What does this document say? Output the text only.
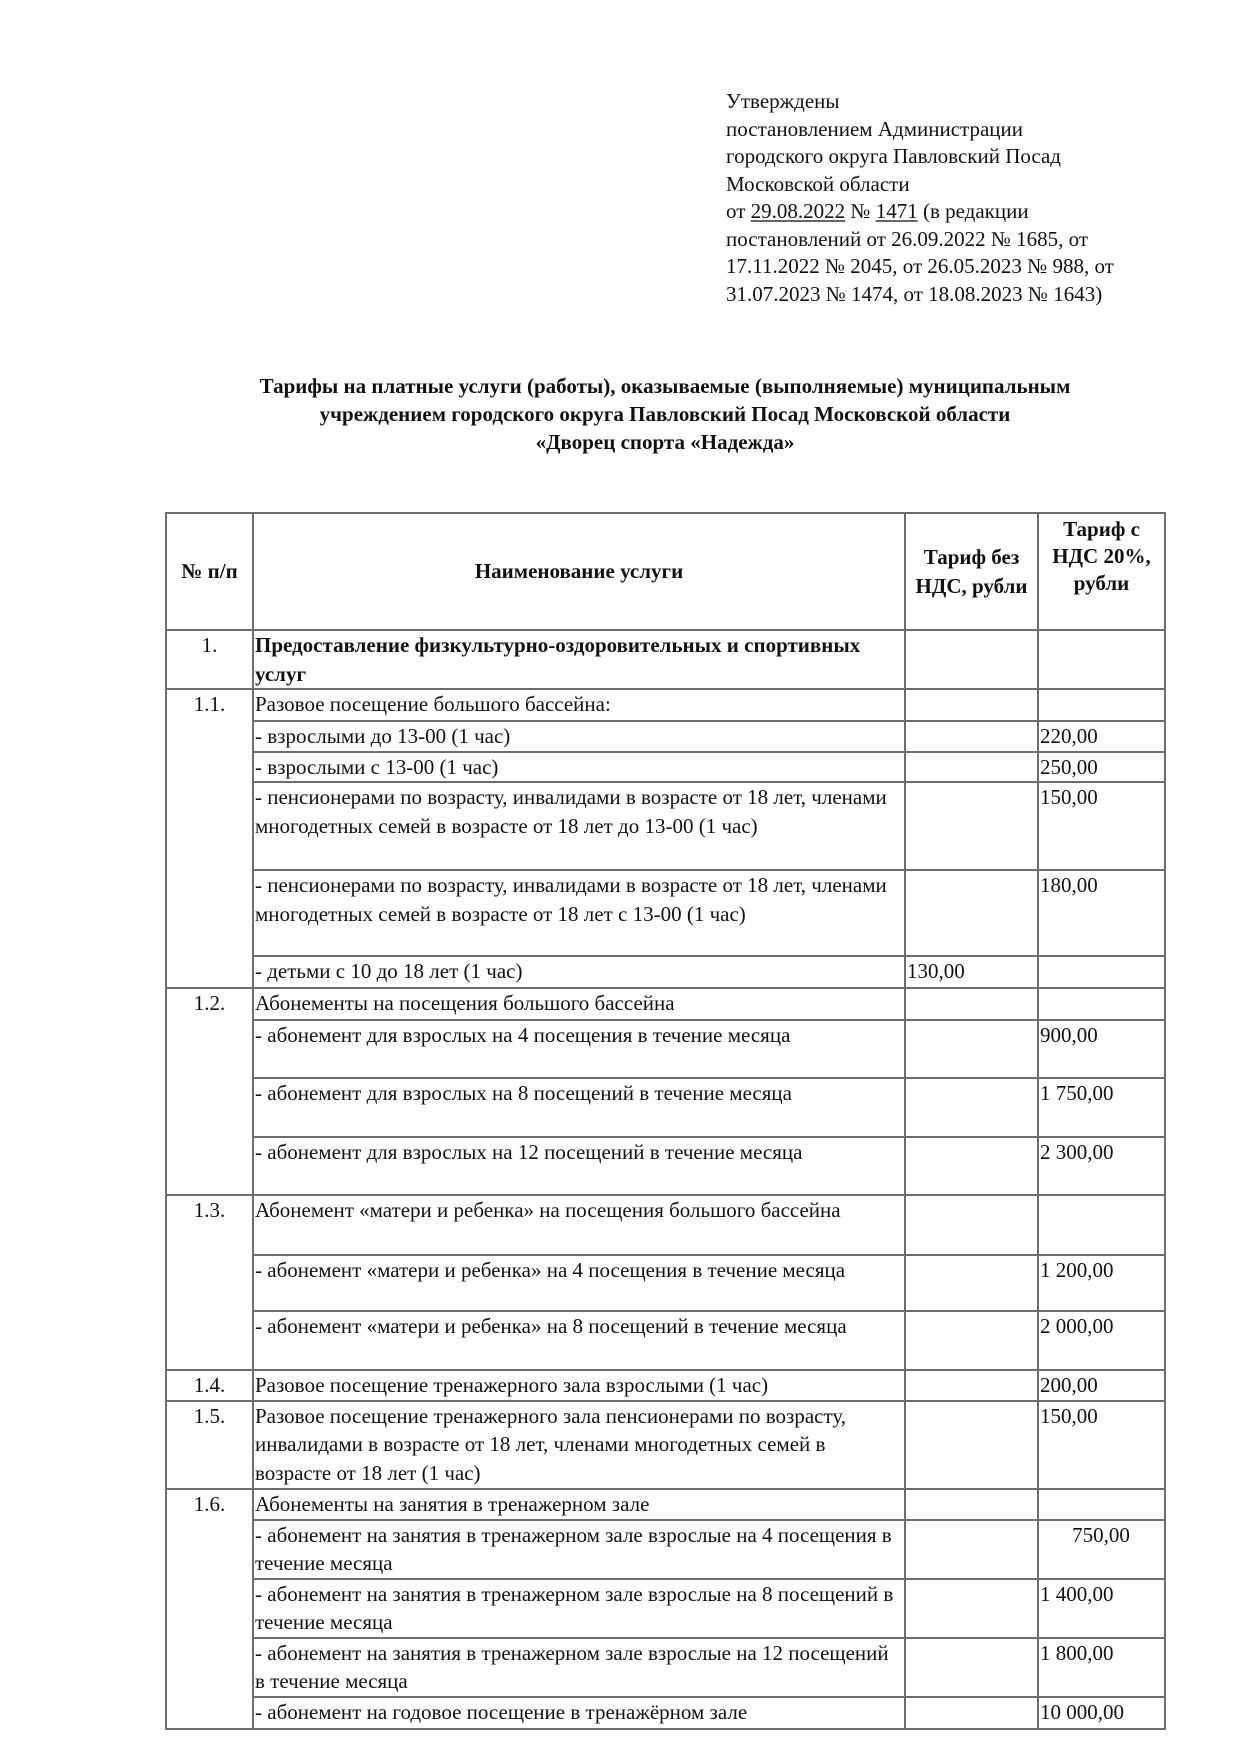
Утверждены
постановлением Администрации
городского округа Павловский Посад
Московской области
от 29.08.2022 № 1471 (в редакции
постановлений от 26.09.2022 № 1685, от
17.11.2022 № 2045, от 26.05.2023 № 988, от
31.07.2023 № 1474, от 18.08.2023 № 1643)
Тарифы на платные услуги (работы), оказываемые (выполняемые) муниципальным
учреждением городского округа Павловский Посад Московской области
«Дворец спорта «Надежда»
№ п/п	Наименование услуги	Тариф без НДС, рубли	Тариф с НДС 20%, рубли
1.	Предоставление физкультурно-оздоровительных и спортивных услуг		
1.1.	Разовое посещение большого бассейна:		
	- взрослыми до 13-00 (1 час)		220,00
	- взрослыми с 13-00 (1 час)		250,00
	- пенсионерами по возрасту, инвалидами в возрасте от 18 лет, членами многодетных семей в возрасте от 18 лет до 13-00 (1 час)		150,00
	- пенсионерами по возрасту, инвалидами в возрасте от 18 лет, членами многодетных семей в возрасте от 18 лет с 13-00 (1 час)		180,00
	- детьми с 10 до 18 лет (1 час)	130,00	
1.2.	Абонементы на посещения большого бассейна		
	- абонемент для взрослых на 4 посещения в течение месяца		900,00
	- абонемент для взрослых на 8 посещений в течение месяца		1 750,00
	- абонемент для взрослых на 12 посещений в течение месяца		2 300,00
1.3.	Абонемент «матери и ребенка» на посещения большого бассейна		
	- абонемент «матери и ребенка» на 4 посещения в течение месяца		1 200,00
	- абонемент «матери и ребенка» на 8 посещений в течение месяца		2 000,00
1.4.	Разовое посещение тренажерного зала взрослыми (1 час)		200,00
1.5.	Разовое посещение тренажерного зала пенсионерами по возрасту, инвалидами в возрасте от 18 лет, членами многодетных семей в возрасте от 18 лет (1 час)		150,00
1.6.	Абонементы на занятия в тренажерном зале		
	- абонемент на занятия в тренажерном зале взрослые на 4 посещения в течение месяца		750,00
	- абонемент на занятия в тренажерном зале взрослые на 8 посещений в течение месяца		1 400,00
	- абонемент на занятия в тренажерном зале взрослые на 12 посещений в течение месяца		1 800,00
	- абонемент на годовое посещение в тренажёрном зале		10 000,00
